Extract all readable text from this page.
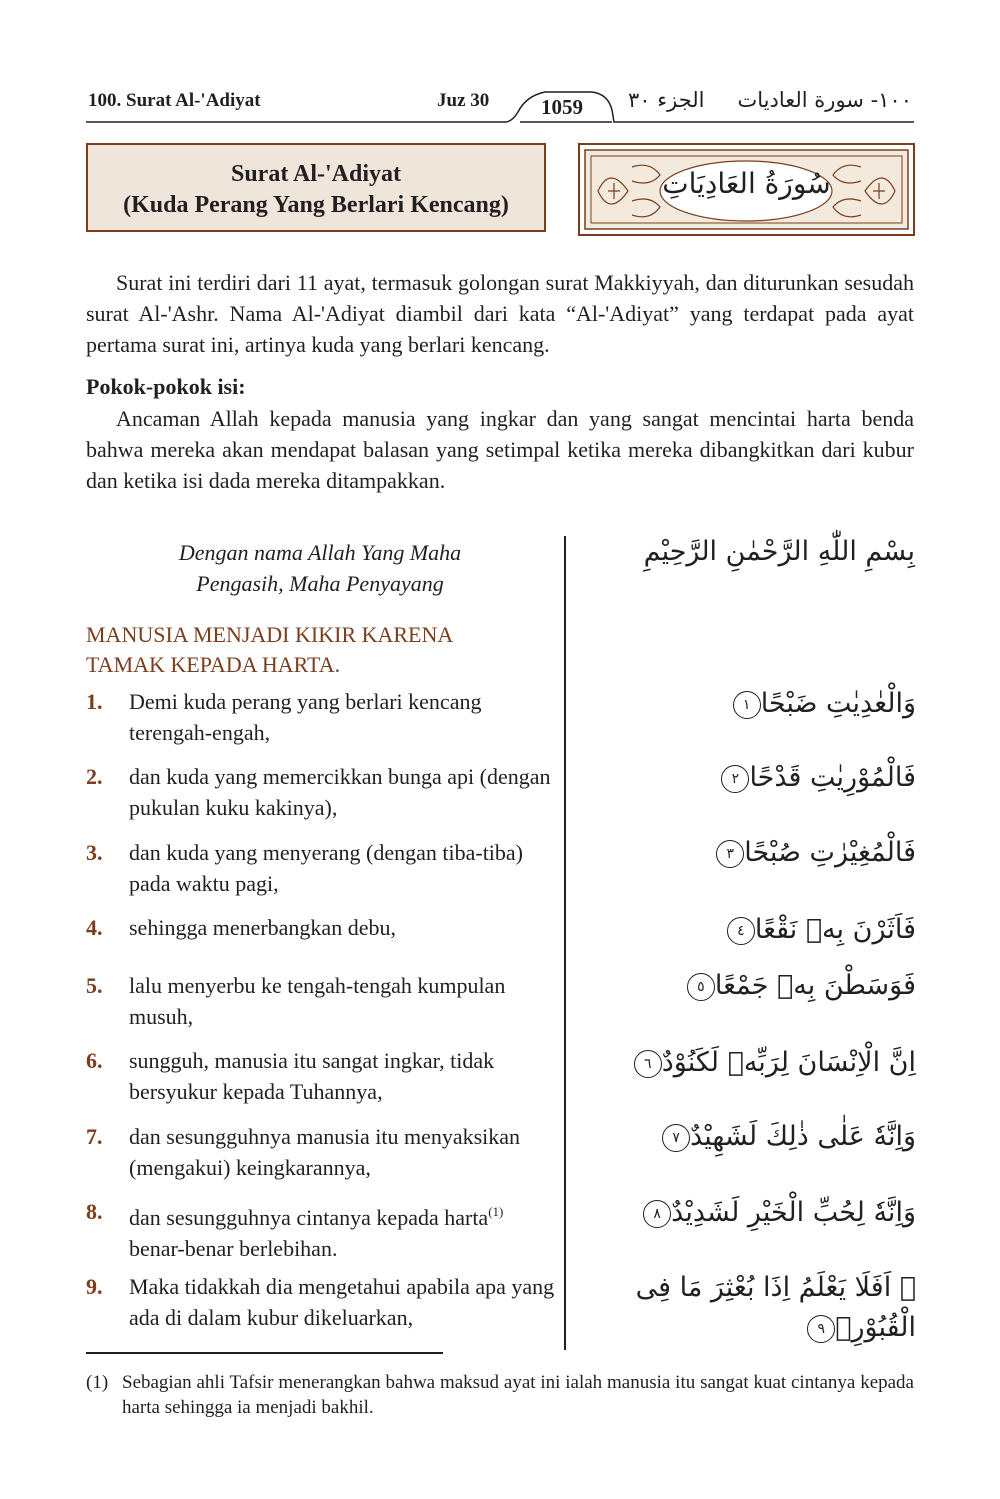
100. Surat Al-'Adiyat	Juz 30 1059 الجزء ٣٠ ١٠٠- سورة العاديات
Surat Al-'Adiyat
(Kuda Perang Yang Berlari Kencang)
سُورَةُ العَادِيَاتِ
Surat ini terdiri dari 11 ayat, termasuk golongan surat Makkiyyah, dan diturunkan sesudah surat Al-'Ashr. Nama Al-'Adiyat diambil dari kata “Al-'Adiyat” yang terdapat pada ayat pertama surat ini, artinya kuda yang berlari kencang.
Pokok-pokok isi:
Ancaman Allah kepada manusia yang ingkar dan yang sangat mencintai harta benda bahwa mereka akan mendapat balasan yang setimpal ketika mereka dibangkitkan dari kubur dan ketika isi dada mereka ditampakkan.
Dengan nama Allah Yang Maha Pengasih, Maha Penyayang
بِسْمِ اللّٰهِ الرَّحْمٰنِ الرَّحِيْمِ
MANUSIA MENJADI KIKIR KARENA TAMAK KEPADA HARTA.
1. Demi kuda perang yang berlari kencang terengah-engah,
2. dan kuda yang memercikkan bunga api (dengan pukulan kuku kakinya),
3. dan kuda yang menyerang (dengan tiba-tiba) pada waktu pagi,
4. sehingga menerbangkan debu,
5. lalu menyerbu ke tengah-tengah kumpulan musuh,
6. sungguh, manusia itu sangat ingkar, tidak bersyukur kepada Tuhannya,
7. dan sesungguhnya manusia itu menyaksikan (mengakui) keingkarannya,
8. dan sesungguhnya cintanya kepada harta$^{(1)}$
benar-benar berlebihan.
9. Maka tidakkah dia mengetahui apabila apa yang ada di dalam kubur dikeluarkan,
وَالْعٰدِيٰتِ ضَبْحًا١
فَالْمُوْرِيٰتِ قَدْحًا٢
فَالْمُغِيْرٰتِ صُبْحًا٣
فَاَثَرْنَ بِهٖ نَقْعًا٤
فَوَسَطْنَ بِهٖ جَمْعًا٥
اِنَّ الْاِنْسَانَ لِرَبِّهٖ لَكَنُوْدٌ٦
وَاِنَّهٗ عَلٰى ذٰلِكَ لَشَهِيْدٌ٧
وَاِنَّهٗ لِحُبِّ الْخَيْرِ لَشَدِيْدٌ٨
۞ اَفَلَا يَعْلَمُ اِذَا بُعْثِرَ مَا فِى الْقُبُوْرِۙ٩
(1) Sebagian ahli Tafsir menerangkan bahwa maksud ayat ini ialah manusia itu sangat kuat cintanya kepada harta sehingga ia menjadi bakhil.
